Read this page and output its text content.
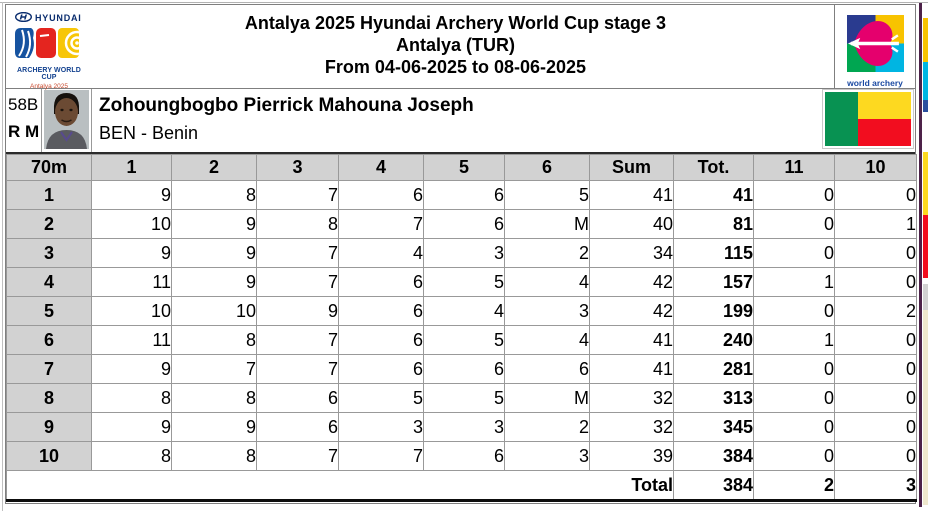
HYUNDAI
ARCHERY WORLD CUP
Antalya 2025
Antalya 2025 Hyundai Archery World Cup stage 3
Antalya (TUR)
From 04-06-2025 to 08-06-2025
world archery
58B
R M
Zohoungbogbo Pierrick Mahouna Joseph
BEN - Benin
70m	1	2	3	4	5	6	Sum	Tot.	11	10
1	9	8	7	6	6	5	41	41	0	0
2	10	9	8	7	6	M	40	81	0	1
3	9	9	7	4	3	2	34	115	0	0
4	11	9	7	6	5	4	42	157	1	0
5	10	10	9	6	4	3	42	199	0	2
6	11	8	7	6	5	4	41	240	1	0
7	9	7	7	6	6	6	41	281	0	0
8	8	8	6	5	5	M	32	313	0	0
9	9	9	6	3	3	2	32	345	0	0
10	8	8	7	7	6	3	39	384	0	0
Total								384	2	3
